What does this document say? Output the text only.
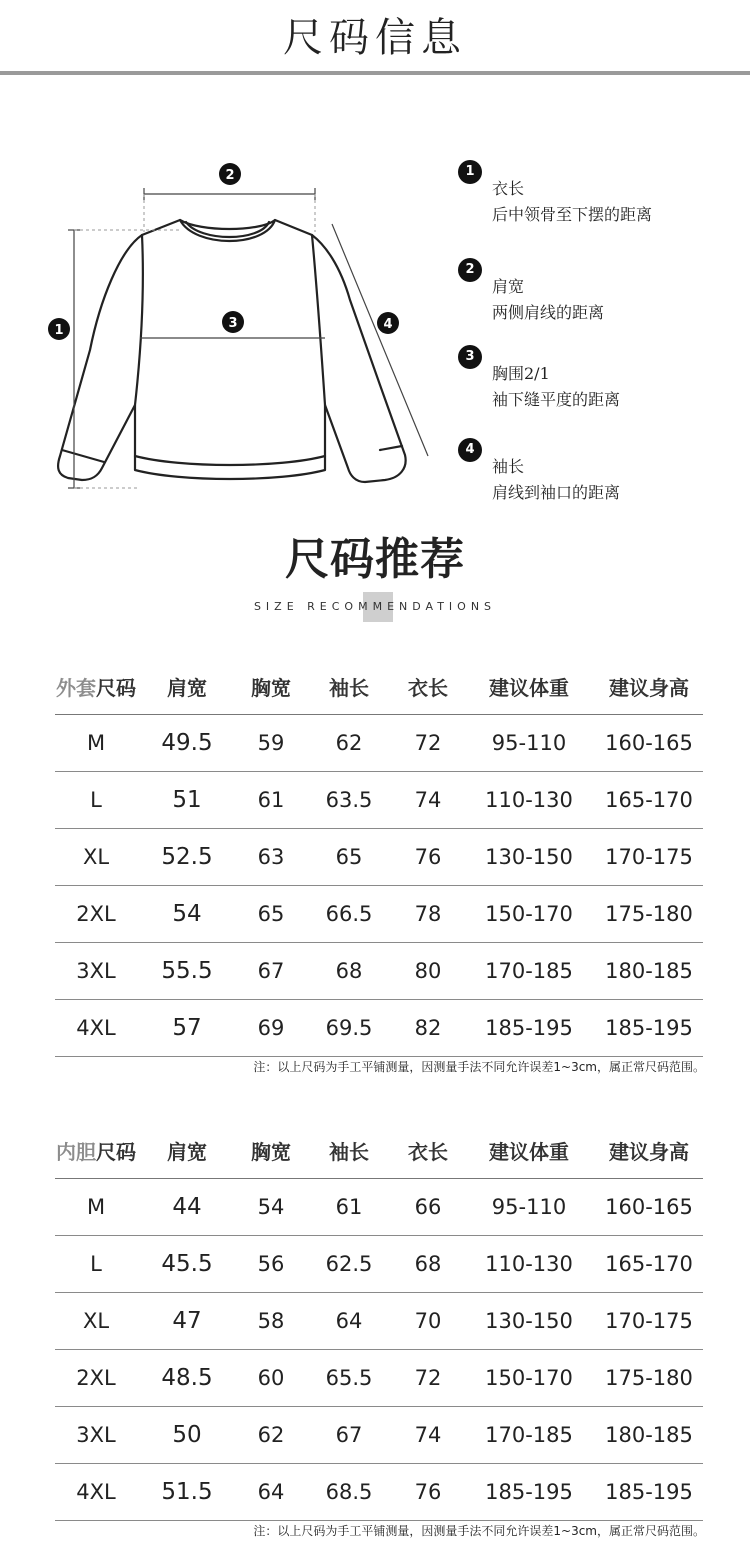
尺码信息
2
3
1	4
1
衣长
后中领骨至下摆的距离
2
肩宽
两侧肩线的距离
3
胸围2/1
袖下缝平度的距离
4
袖长
肩线到袖口的距离
尺码推荐
SIZE RECOMMENDATIONS
外套尺码	肩宽	胸宽	袖长	衣长	建议体重	建议身高
M	49.5	59	62	72	95-110	160-165
L	51	61	63.5	74	110-130	165-170
XL	52.5	63	65	76	130-150	170-175
2XL	54	65	66.5	78	150-170	175-180
3XL	55.5	67	68	80	170-185	180-185
4XL	57	69	69.5	82	185-195	185-195
注：以上尺码为手工平铺测量，因测量手法不同允许误差1~3cm，属正常尺码范围。
内胆尺码	肩宽	胸宽	袖长	衣长	建议体重	建议身高
M	44	54	61	66	95-110	160-165
L	45.5	56	62.5	68	110-130	165-170
XL	47	58	64	70	130-150	170-175
2XL	48.5	60	65.5	72	150-170	175-180
3XL	50	62	67	74	170-185	180-185
4XL	51.5	64	68.5	76	185-195	185-195
注：以上尺码为手工平铺测量，因测量手法不同允许误差1~3cm，属正常尺码范围。
